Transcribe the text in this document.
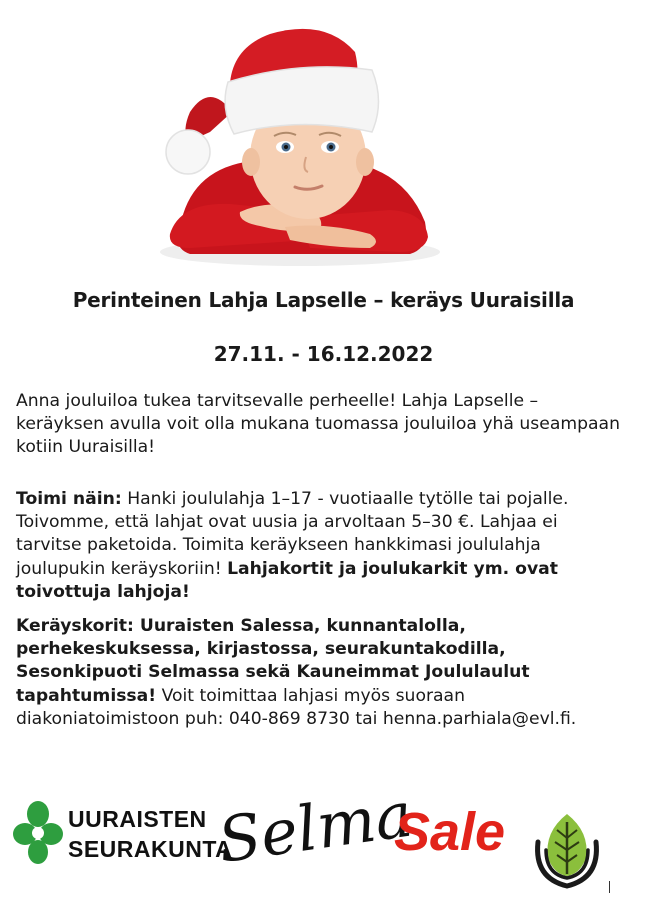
Perinteinen Lahja Lapselle – keräys Uuraisilla
27.11. - 16.12.2022
Anna jouluiloa tukea tarvitsevalle perheelle! Lahja Lapselle – keräyksen avulla voit olla mukana tuomassa jouluiloa yhä useampaan kotiin Uuraisilla!
Toimi näin: Hanki joululahja 1–17 - vuotiaalle tytölle tai pojalle. Toivomme, että lahjat ovat uusia ja arvoltaan 5–30 €. Lahjaa ei tarvitse paketoida. Toimita keräykseen hankkimasi joululahja joulupukin keräyskoriin! Lahjakortit ja joulukarkit ym. ovat toivottuja lahjoja!
Keräyskorit: Uuraisten Salessa, kunnantalolla, perhekeskuksessa, kirjastossa, seurakuntakodilla, Sesonkipuoti Selmassa sekä Kauneimmat Joululaulut tapahtumissa! Voit toimittaa lahjasi myös suoraan diakoniatoimistoon puh: 040-869 8730 tai henna.parhiala@evl.fi.
UURAISTEN
SEURAKUNTA
Selma
Sale
